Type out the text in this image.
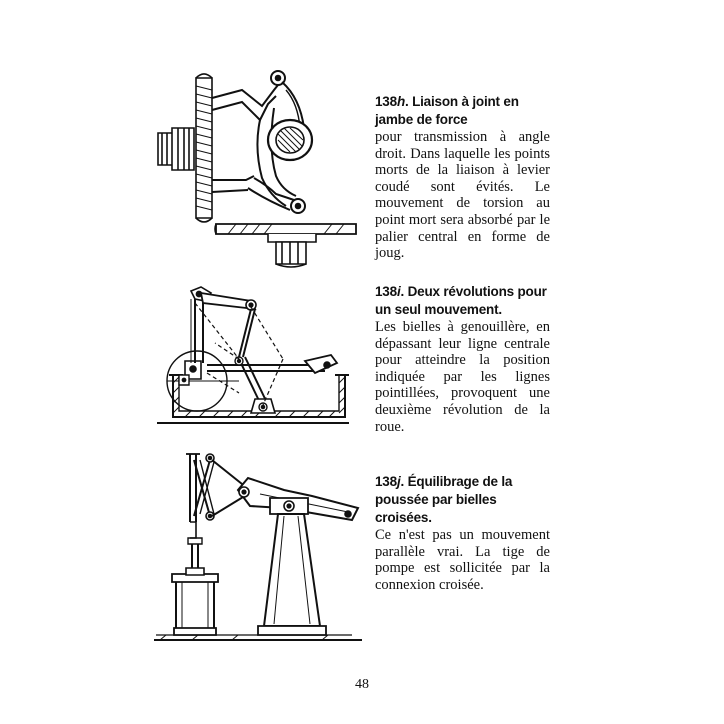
138h. Liaison à joint en jambe de force

pour transmission à angle droit. Dans laquelle les points morts de la liaison à levier coudé sont évités. Le mouvement de torsion au point mort sera absorbé par le palier central en forme de joug.

138i. Deux révolutions pour un seul mouvement.

Les bielles à genouillère, en dépassant leur ligne centrale pour atteindre la position indiquée par les lignes pointillées, provoquent une deuxième révolution de la roue.

138j. Équilibrage de la poussée par bielles croisées.

Ce n'est pas un mouvement parallèle vrai. La tige de pompe est sollicitée par la connexion croisée.

48
